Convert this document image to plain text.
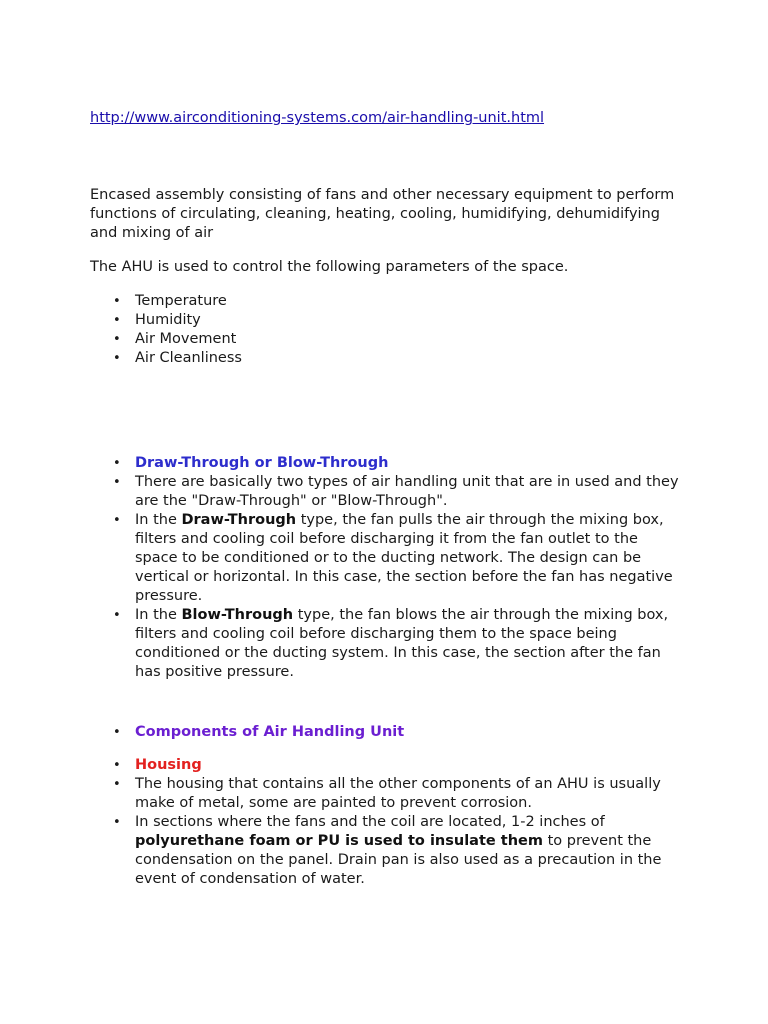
http://www.airconditioning-systems.com/air-handling-unit.html

Encased assembly consisting of fans and other necessary equipment to perform functions of circulating, cleaning, heating, cooling, humidifying, dehumidifying and mixing of air

The AHU is used to control the following parameters of the space.

• Temperature
• Humidity
• Air Movement
• Air Cleanliness
• Draw-Through or Blow-Through
• There are basically two types of air handling unit that are in used and they are the "Draw-Through" or "Blow-Through".
• In the Draw-Through type, the fan pulls the air through the mixing box, filters and cooling coil before discharging it from the fan outlet to the space to be conditioned or to the ducting network. The design can be vertical or horizontal. In this case, the section before the fan has negative pressure.
• In the Blow-Through type, the fan blows the air through the mixing box, filters and cooling coil before discharging them to the space being conditioned or the ducting system. In this case, the section after the fan has positive pressure.
• Components of Air Handling Unit
• Housing
• The housing that contains all the other components of an AHU is usually make of metal, some are painted to prevent corrosion.
• In sections where the fans and the coil are located, 1-2 inches of polyurethane foam or PU is used to insulate them to prevent the condensation on the panel. Drain pan is also used as a precaution in the event of condensation of water.
